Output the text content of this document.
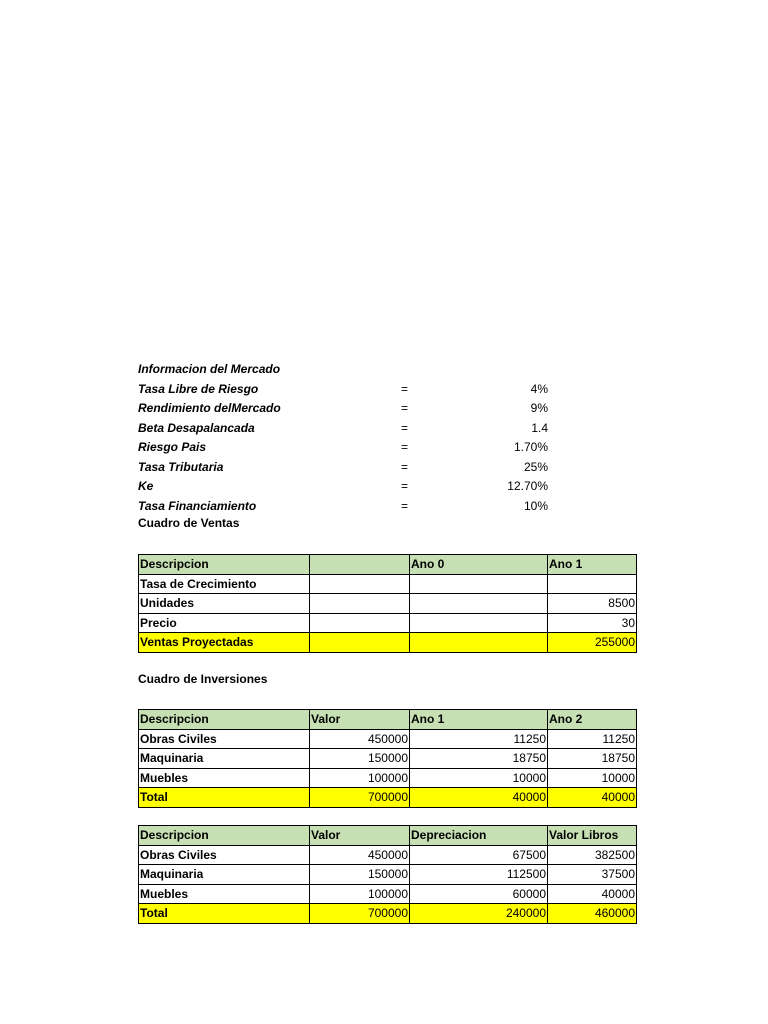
Informacion del Mercado
Tasa Libre de Riesgo	=	4%
Rendimiento delMercado	=	9%
Beta Desapalancada	=	1.4
Riesgo Pais	=	1.70%
Tasa Tributaria	=	25%
Ke	=	12.70%
Tasa Financiamiento	=	10%
Cuadro de Ventas
Descripcion		Ano 0	Ano 1
Tasa de Crecimiento			
Unidades			8500
Precio			30
Ventas Proyectadas			255000
Cuadro de Inversiones
Descripcion	Valor	Ano 1	Ano 2
Obras Civiles	450000	11250	11250
Maquinaria	150000	18750	18750
Muebles	100000	10000	10000
Total	700000	40000	40000
Descripcion	Valor	Depreciacion	Valor Libros
Obras Civiles	450000	67500	382500
Maquinaria	150000	112500	37500
Muebles	100000	60000	40000
Total	700000	240000	460000
